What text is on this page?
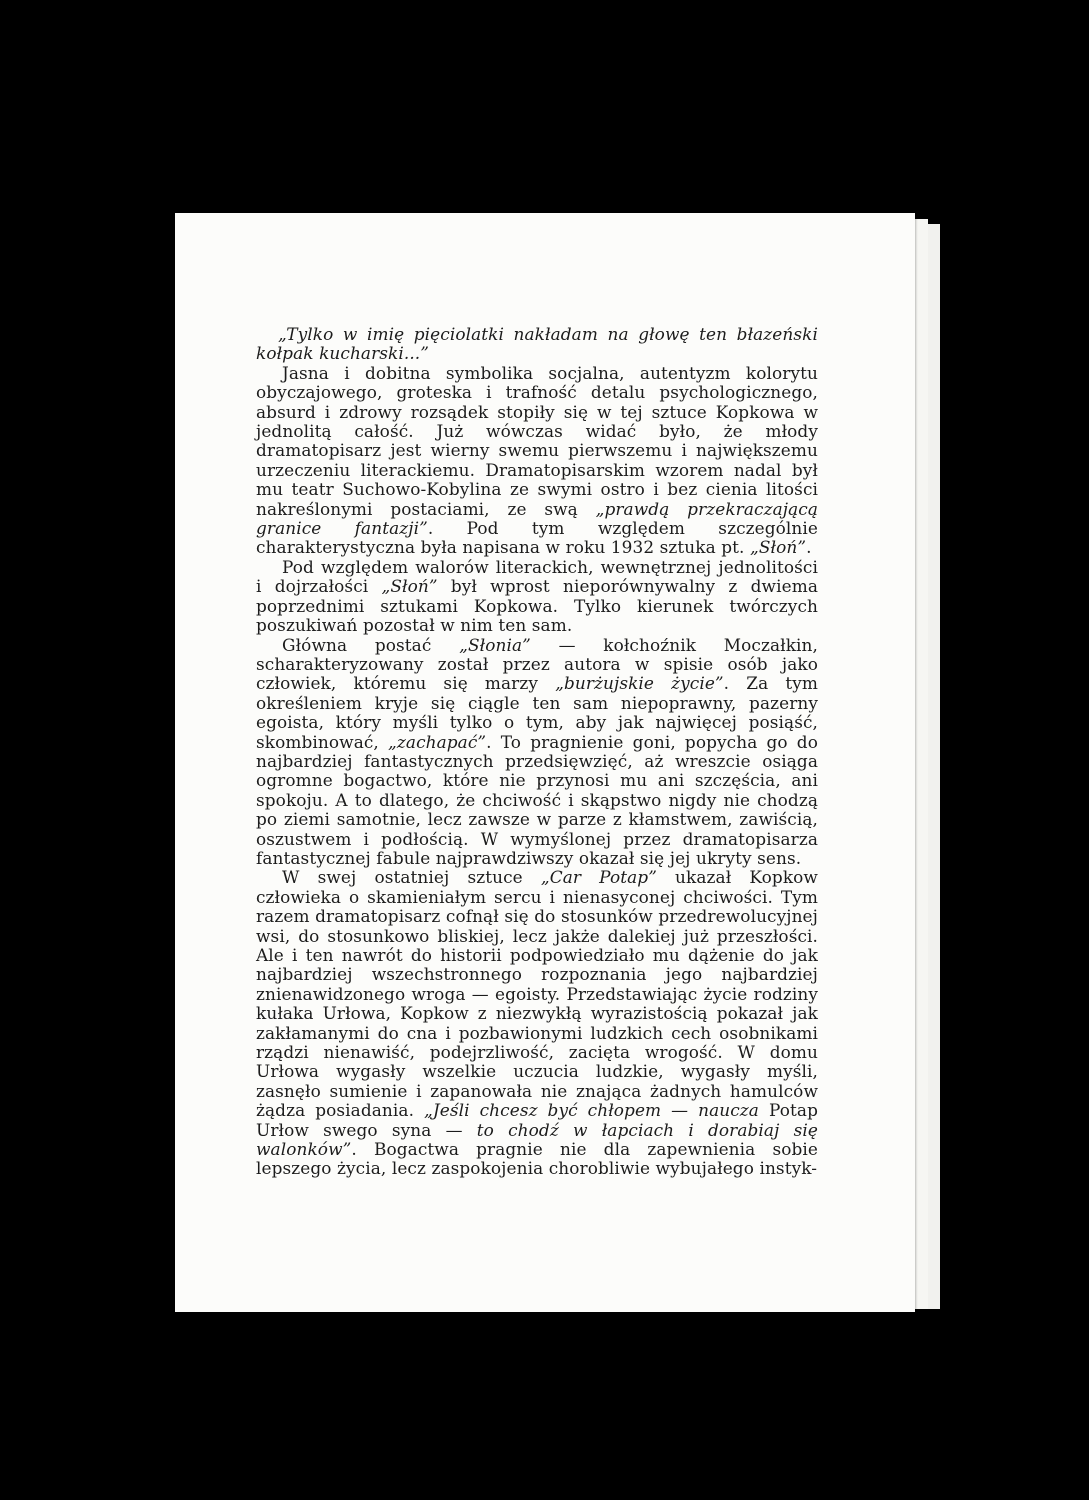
„Tylko w imię pięciolatki nakładam na głowę ten błazeński kołpak kucharski...”

Jasna i dobitna symbolika socjalna, autentyzm kolorytu obyczajowego, groteska i trafność detalu psychologicznego, absurd i zdrowy rozsądek stopiły się w tej sztuce Kopkowa w jednolitą całość. Już wówczas widać było, że młody dramatopisarz jest wierny swemu pierwszemu i największemu urzeczeniu literackiemu. Dramatopisarskim wzorem nadal był mu teatr Suchowo-Kobylina ze swymi ostro i bez cienia litości nakreślonymi postaciami, ze swą „prawdą przekraczającą granice fantazji”. Pod tym względem szczególnie charakterystyczna była napisana w roku 1932 sztuka pt. „Słoń”.

Pod względem walorów literackich, wewnętrznej jednolitości i dojrzałości „Słoń” był wprost nieporównywalny z dwiema poprzednimi sztukami Kopkowa. Tylko kierunek twórczych poszukiwań pozostał w nim ten sam.

Główna postać „Słonia” — kołchoźnik Moczałkin, scharakteryzowany został przez autora w spisie osób jako człowiek, któremu się marzy „burżujskie życie”. Za tym określeniem kryje się ciągle ten sam niepoprawny, pazerny egoista, który myśli tylko o tym, aby jak najwięcej posiąść, skombinować, „zachapać”. To pragnienie goni, popycha go do najbardziej fantastycznych przedsięwzięć, aż wreszcie osiąga ogromne bogactwo, które nie przynosi mu ani szczęścia, ani spokoju. A to dlatego, że chciwość i skąpstwo nigdy nie chodzą po ziemi samotnie, lecz zawsze w parze z kłamstwem, zawiścią, oszustwem i podłością. W wymyślonej przez dramatopisarza fantastycznej fabule najprawdziwszy okazał się jej ukryty sens.

W swej ostatniej sztuce „Car Potap” ukazał Kopkow człowieka o skamieniałym sercu i nienasyconej chciwości. Tym razem dramatopisarz cofnął się do stosunków przedrewolucyjnej wsi, do stosunkowo bliskiej, lecz jakże dalekiej już przeszłości. Ale i ten nawrót do historii podpowiedziało mu dążenie do jak najbardziej wszechstronnego rozpoznania jego najbardziej znienawidzonego wroga — egoisty. Przedstawiając życie rodziny kułaka Urłowa, Kopkow z niezwykłą wyrazistością pokazał jak zakłamanymi do cna i pozbawionymi ludzkich cech osobnikami rządzi nienawiść, podejrzliwość, zacięta wrogość. W domu Urłowa wygasły wszelkie uczucia ludzkie, wygasły myśli, zasnęło sumienie i zapanowała nie znająca żadnych hamulców żądza posiadania. „Jeśli chcesz być chłopem — naucza Potap Urłow swego syna — to chodź w łapciach i dorabiaj się walonków”. Bogactwa pragnie nie dla zapewnienia sobie lepszego życia, lecz zaspokojenia chorobliwie wybujałego instyk-
